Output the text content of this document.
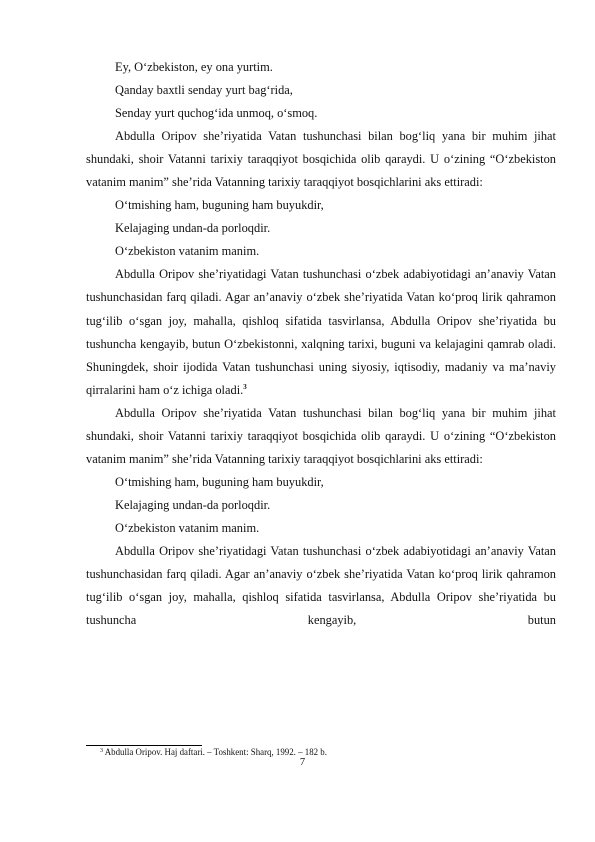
Ey, O‘zbekiston, ey ona yurtim.

Qanday baxtli senday yurt bag‘rida,

Senday yurt quchog‘ida unmoq, o‘smoq.

Abdulla Oripov she’riyatida Vatan tushunchasi bilan bog‘liq yana bir muhim jihat shundaki, shoir Vatanni tarixiy taraqqiyot bosqichida olib qaraydi. U o‘zining “O‘zbekiston vatanim manim” she’rida Vatanning tarixiy taraqqiyot bosqichlarini aks ettiradi:

O‘tmishing ham, buguning ham buyukdir,

Kelajaging undan-da porloqdir.

O‘zbekiston vatanim manim.

Abdulla Oripov she’riyatidagi Vatan tushunchasi o‘zbek adabiyotidagi an’anaviy Vatan tushunchasidan farq qiladi. Agar an’anaviy o‘zbek she’riyatida Vatan ko‘proq lirik qahramon tug‘ilib o‘sgan joy, mahalla, qishloq sifatida tasvirlansa, Abdulla Oripov she’riyatida bu tushuncha kengayib, butun O‘zbekistonni, xalqning tarixi, buguni va kelajagini qamrab oladi. Shuningdek, shoir ijodida Vatan tushunchasi uning siyosiy, iqtisodiy, madaniy va ma’naviy qirralarini ham o‘z ichiga oladi.$^3$

Abdulla Oripov she’riyatida Vatan tushunchasi bilan bog‘liq yana bir muhim jihat shundaki, shoir Vatanni tarixiy taraqqiyot bosqichida olib qaraydi. U o‘zining “O‘zbekiston vatanim manim” she’rida Vatanning tarixiy taraqqiyot bosqichlarini aks ettiradi:

O‘tmishing ham, buguning ham buyukdir,

Kelajaging undan-da porloqdir.

O‘zbekiston vatanim manim.

Abdulla Oripov she’riyatidagi Vatan tushunchasi o‘zbek adabiyotidagi an’anaviy Vatan tushunchasidan farq qiladi. Agar an’anaviy o‘zbek she’riyatida Vatan ko‘proq lirik qahramon tug‘ilib o‘sgan joy, mahalla, qishloq sifatida tasvirlansa, Abdulla Oripov she’riyatida bu tushuncha kengayib, butun

$^3$ Abdulla Oripov. Haj daftari. – Toshkent: Sharq, 1992. – 182 b.
7
